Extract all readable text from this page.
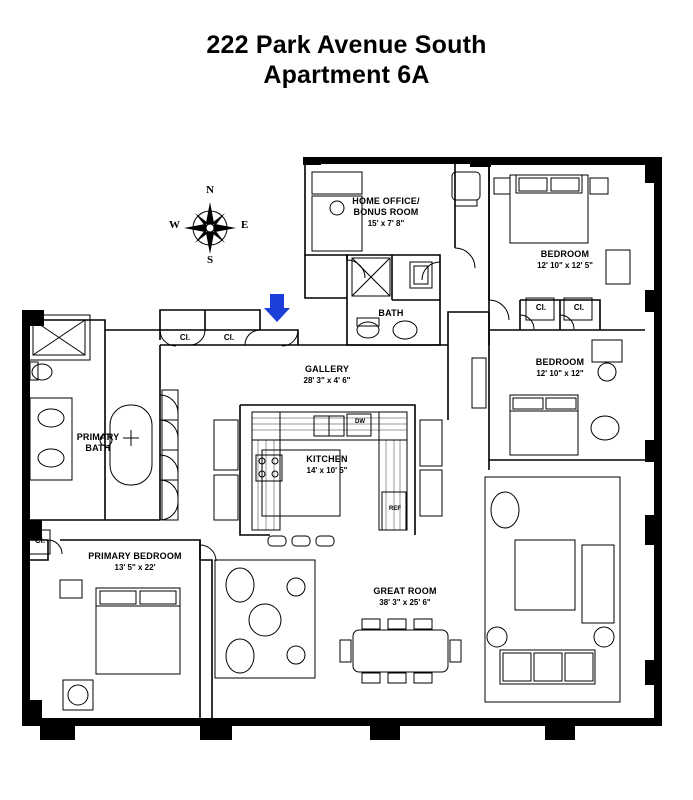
222 Park Avenue South
Apartment 6A
HOME OFFICE/
BONUS ROOM
15' x 7' 8"
BATH
BEDROOM
12' 10" x 12' 5"
BEDROOM
12' 10" x 12"
PRIMARY
BATH
GALLERY
28' 3" x 4' 6"
KITCHEN
14' x 10' 5"
PRIMARY BEDROOM
13' 5" x 22'
GREAT ROOM
38' 3" x 25' 6"
Cl.	Cl.
Cl.	Cl.
Cl.
REF
DW
N
S
E
W
